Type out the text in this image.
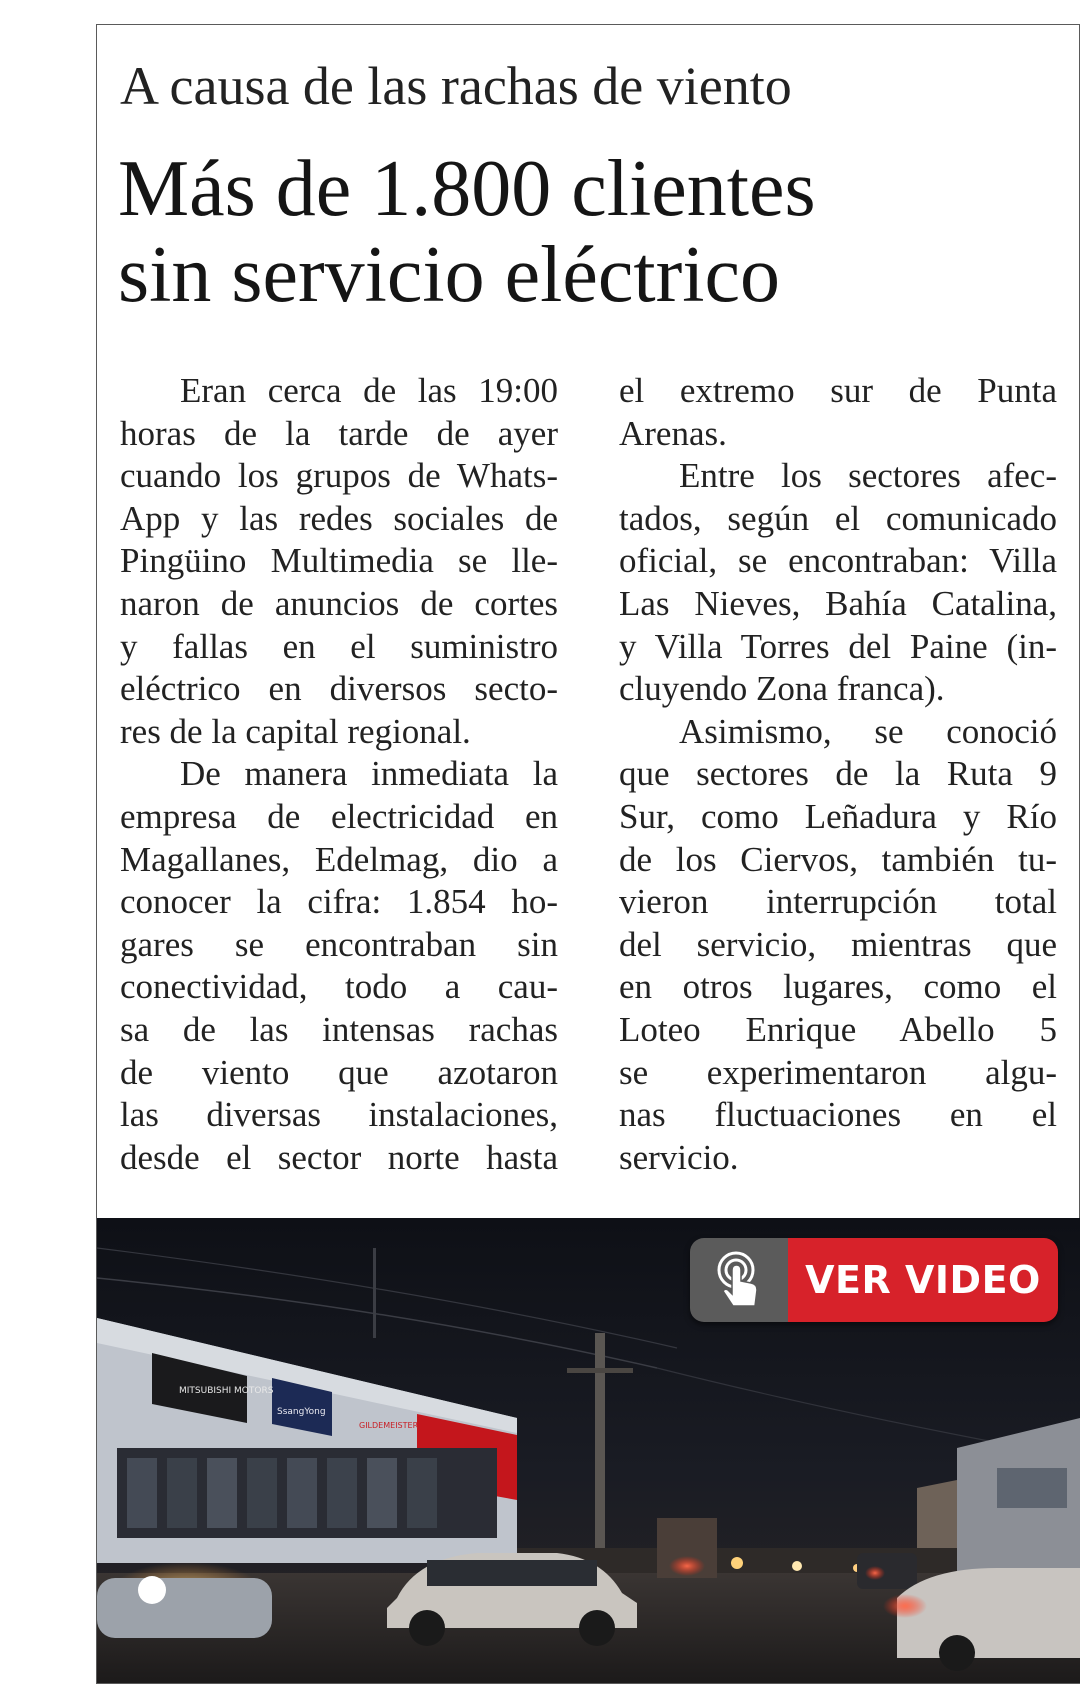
A causa de las rachas de viento
Más de 1.800 clientes
sin servicio eléctrico
Eran cerca de las 19:00
horas de la tarde de ayer
cuando los grupos de Whats-
App y las redes sociales de
Pingüino Multimedia se lle-
naron de anuncios de cortes
y fallas en el suministro
eléctrico en diversos secto-
res de la capital regional.
De manera inmediata la
empresa de electricidad en
Magallanes, Edelmag, dio a
conocer la cifra: 1.854 ho-
gares se encontraban sin
conectividad, todo a cau-
sa de las intensas rachas
de viento que azotaron
las diversas instalaciones,
desde el sector norte hasta
el extremo sur de Punta
Arenas.
Entre los sectores afec-
tados, según el comunicado
oficial, se encontraban: Villa
Las Nieves, Bahía Catalina,
y Villa Torres del Paine (in-
cluyendo Zona franca).
Asimismo, se conoció
que sectores de la Ruta 9
Sur, como Leñadura y Río
de los Ciervos, también tu-
vieron interrupción total
del servicio, mientras que
en otros lugares, como el
Loteo Enrique Abello 5
se experimentaron algu-
nas fluctuaciones en el
servicio.
MITSUBISHI MOTORS
SsangYong
GILDEMEISTER
VER VIDEO
